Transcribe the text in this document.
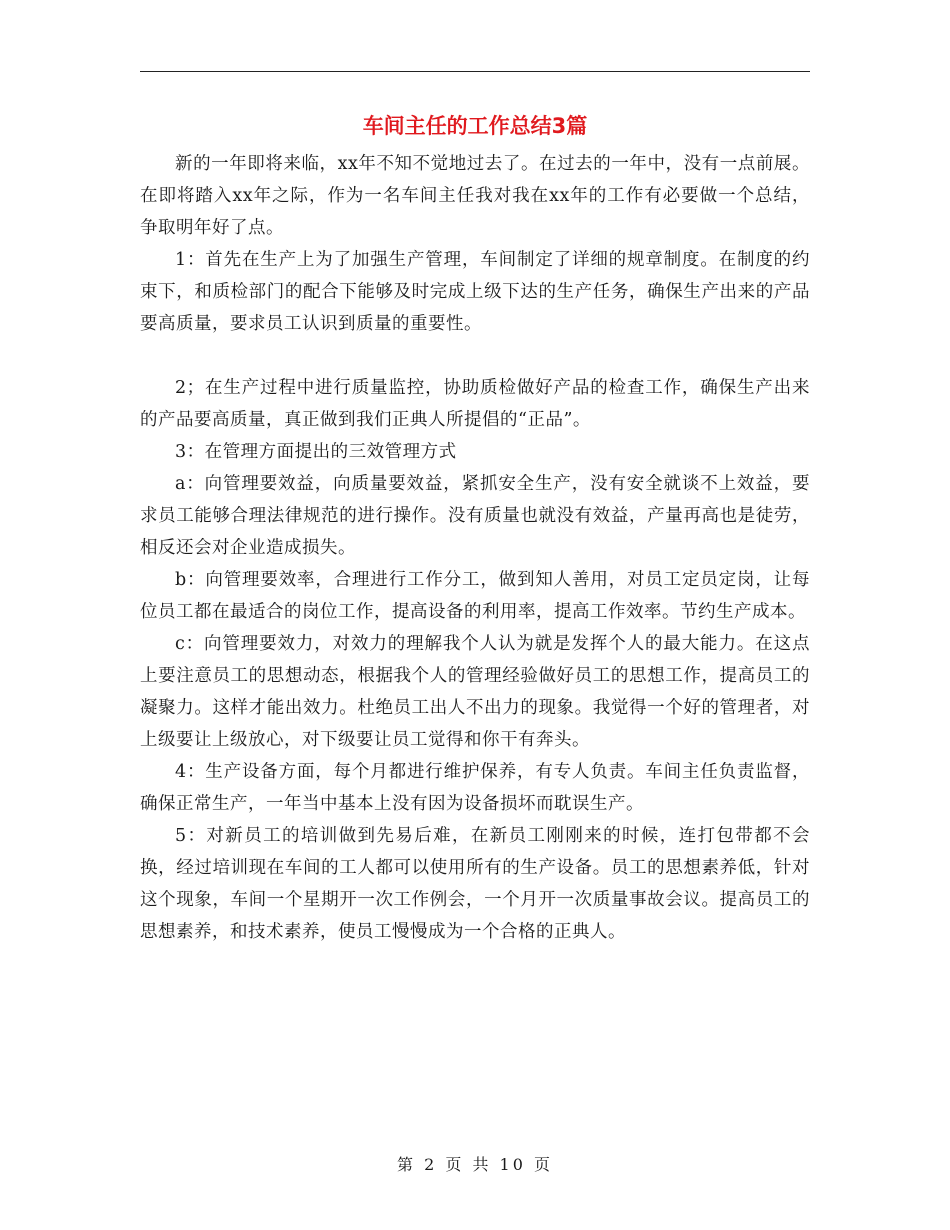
车间主任的工作总结3篇

新的一年即将来临，xx年不知不觉地过去了。在过去的一年中，没有一点前展。在即将踏入xx年之际，作为一名车间主任我对我在xx年的工作有必要做一个总结，争取明年好了点。

1：首先在生产上为了加强生产管理，车间制定了详细的规章制度。在制度的约束下，和质检部门的配合下能够及时完成上级下达的生产任务，确保生产出来的产品要高质量，要求员工认识到质量的重要性。

2；在生产过程中进行质量监控，协助质检做好产品的检查工作，确保生产出来的产品要高质量，真正做到我们正典人所提倡的“正品”。

3：在管理方面提出的三效管理方式

a：向管理要效益，向质量要效益，紧抓安全生产，没有安全就谈不上效益，要求员工能够合理法律规范的进行操作。没有质量也就没有效益，产量再高也是徒劳，相反还会对企业造成损失。

b：向管理要效率，合理进行工作分工，做到知人善用，对员工定员定岗，让每位员工都在最适合的岗位工作，提高设备的利用率，提高工作效率。节约生产成本。

c：向管理要效力，对效力的理解我个人认为就是发挥个人的最大能力。在这点上要注意员工的思想动态，根据我个人的管理经验做好员工的思想工作，提高员工的凝聚力。这样才能出效力。杜绝员工出人不出力的现象。我觉得一个好的管理者，对上级要让上级放心，对下级要让员工觉得和你干有奔头。

4：生产设备方面，每个月都进行维护保养，有专人负责。车间主任负责监督，确保正常生产，一年当中基本上没有因为设备损坏而耽误生产。

5：对新员工的培训做到先易后难，在新员工刚刚来的时候，连打包带都不会换，经过培训现在车间的工人都可以使用所有的生产设备。员工的思想素养低，针对这个现象，车间一个星期开一次工作例会，一个月开一次质量事故会议。提高员工的思想素养，和技术素养，使员工慢慢成为一个合格的正典人。

第 2 页 共 10 页
